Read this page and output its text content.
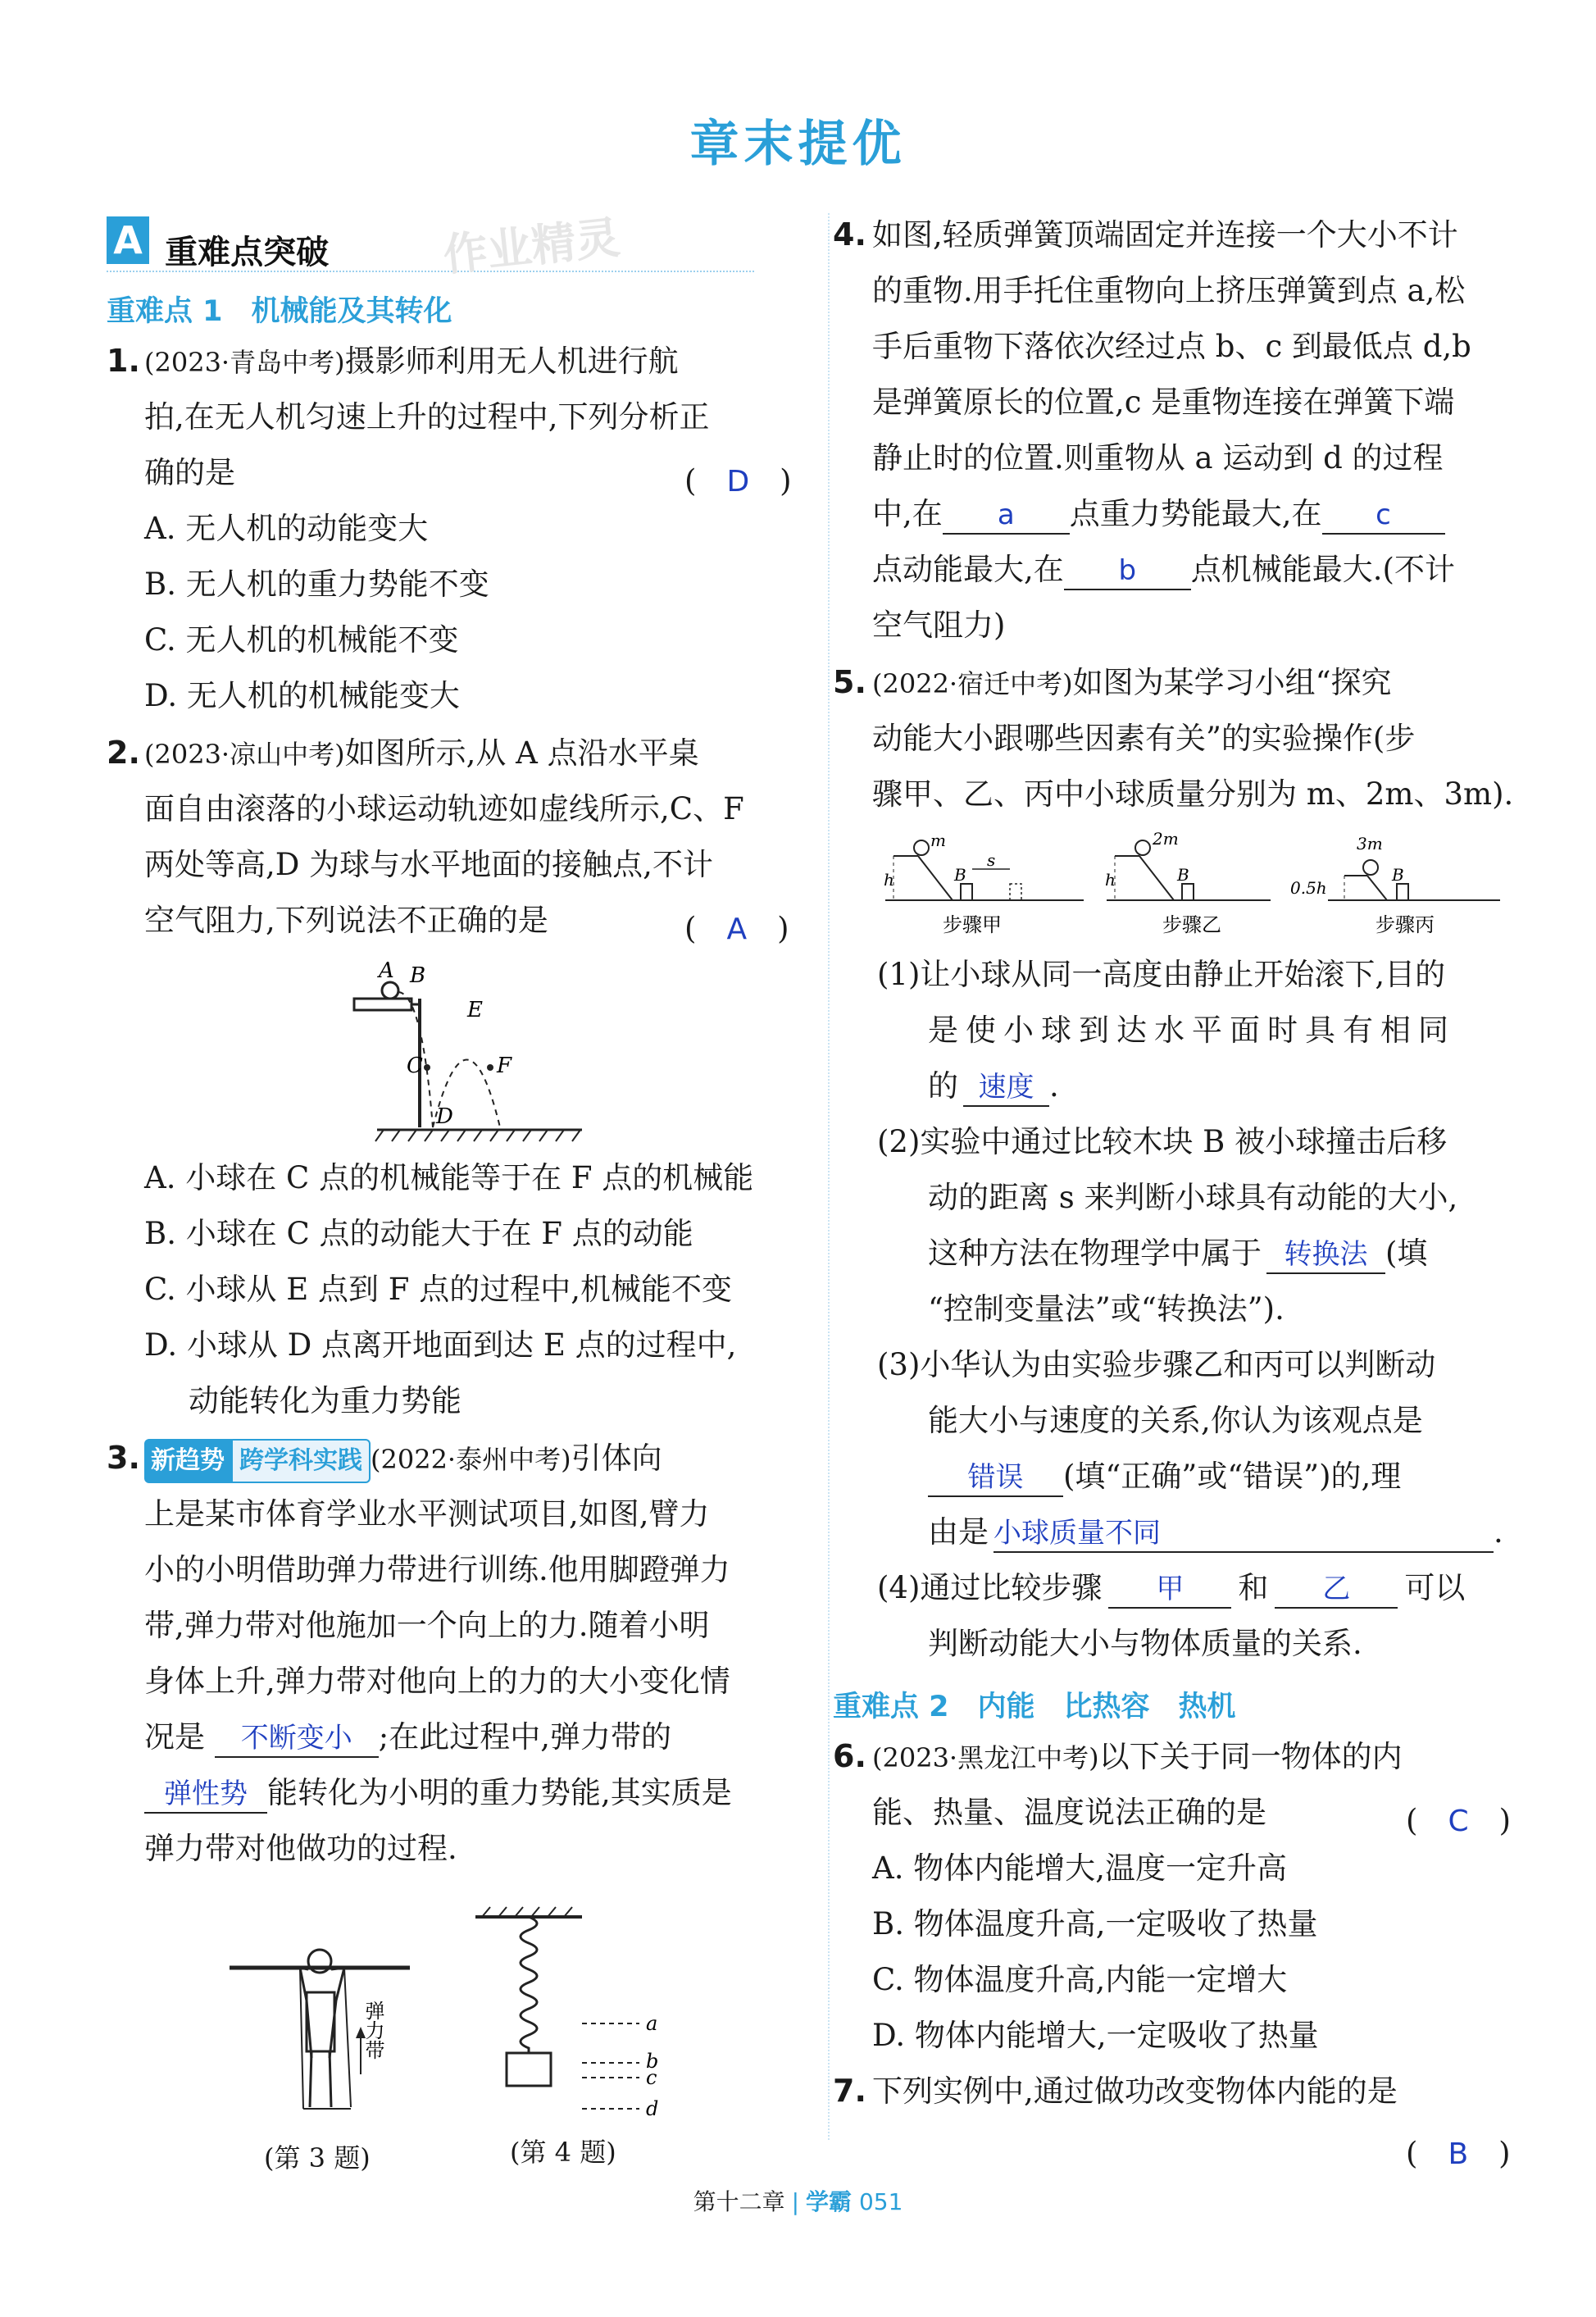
章末提优
A 重难点突破	作业精灵
重难点 1　机械能及其转化
1. (2023·青岛中考)摄影师利用无人机进行航
拍,在无人机匀速上升的过程中,下列分析正
确的是	(　D　)
A. 无人机的动能变大
B. 无人机的重力势能不变
C. 无人机的机械能不变
D. 无人机的机械能变大
2. (2023·凉山中考)如图所示,从 A 点沿水平桌
面自由滚落的小球运动轨迹如虚线所示,C、F
两处等高,D 为球与水平地面的接触点,不计
空气阻力,下列说法不正确的是	(　A　)
A B
C
D
E
F
A. 小球在 C 点的机械能等于在 F 点的机械能
B. 小球在 C 点的动能大于在 F 点的动能
C. 小球从 E 点到 F 点的过程中,机械能不变
D. 小球从 D 点离开地面到达 E 点的过程中,
动能转化为重力势能
3. 新趋势 跨学科实践 (2022·泰州中考)引体向
上是某市体育学业水平测试项目,如图,臂力
小的小明借助弹力带进行训练.他用脚蹬弹力
带,弹力带对他施加一个向上的力.随着小明
身体上升,弹力带对他向上的力的大小变化情
况是 不断变小 ;在此过程中,弹力带的
弹性势 能转化为小明的重力势能,其实质是
弹力带对他做功的过程.
弹力带
(第 3 题)
a
b
c
d
(第 4 题)
4. 如图,轻质弹簧顶端固定并连接一个大小不计
的重物.用手托住重物向上挤压弹簧到点 a,松
手后重物下落依次经过点 b、c 到最低点 d,b
是弹簧原长的位置,c 是重物连接在弹簧下端
静止时的位置.则重物从 a 运动到 d 的过程
中,在 a 点重力势能最大,在 c
点动能最大,在 b 点机械能最大.(不计
空气阻力)
5. (2022·宿迁中考)如图为某学习小组“探究
动能大小跟哪些因素有关”的实验操作(步
骤甲、乙、丙中小球质量分别为 m、2m、3m).
m
h	B
s
步骤甲
2m
h	B
步骤乙
3m
0.5h
B
步骤丙
(1)让小球从同一高度由静止开始滚下,目的
是使小球到达水平面时具有相同
的 速度 .
(2)实验中通过比较木块 B 被小球撞击后移
动的距离 s 来判断小球具有动能的大小,
这种方法在物理学中属于 转换法 (填
“控制变量法”或“转换法”).
(3)小华认为由实验步骤乙和丙可以判断动
能大小与速度的关系,你认为该观点是
错误 (填“正确”或“错误”)的,理
由是 小球质量不同	.
(4)通过比较步骤 甲 和 乙 可以
判断动能大小与物体质量的关系.
重难点 2　内能　比热容　热机
6. (2023·黑龙江中考)以下关于同一物体的内
能、热量、温度说法正确的是	(　C　)
A. 物体内能增大,温度一定升高
B. 物体温度升高,一定吸收了热量
C. 物体温度升高,内能一定增大
D. 物体内能增大,一定吸收了热量
7. 下列实例中,通过做功改变物体内能的是
(　B　)
第十二章 | 学霸 051
